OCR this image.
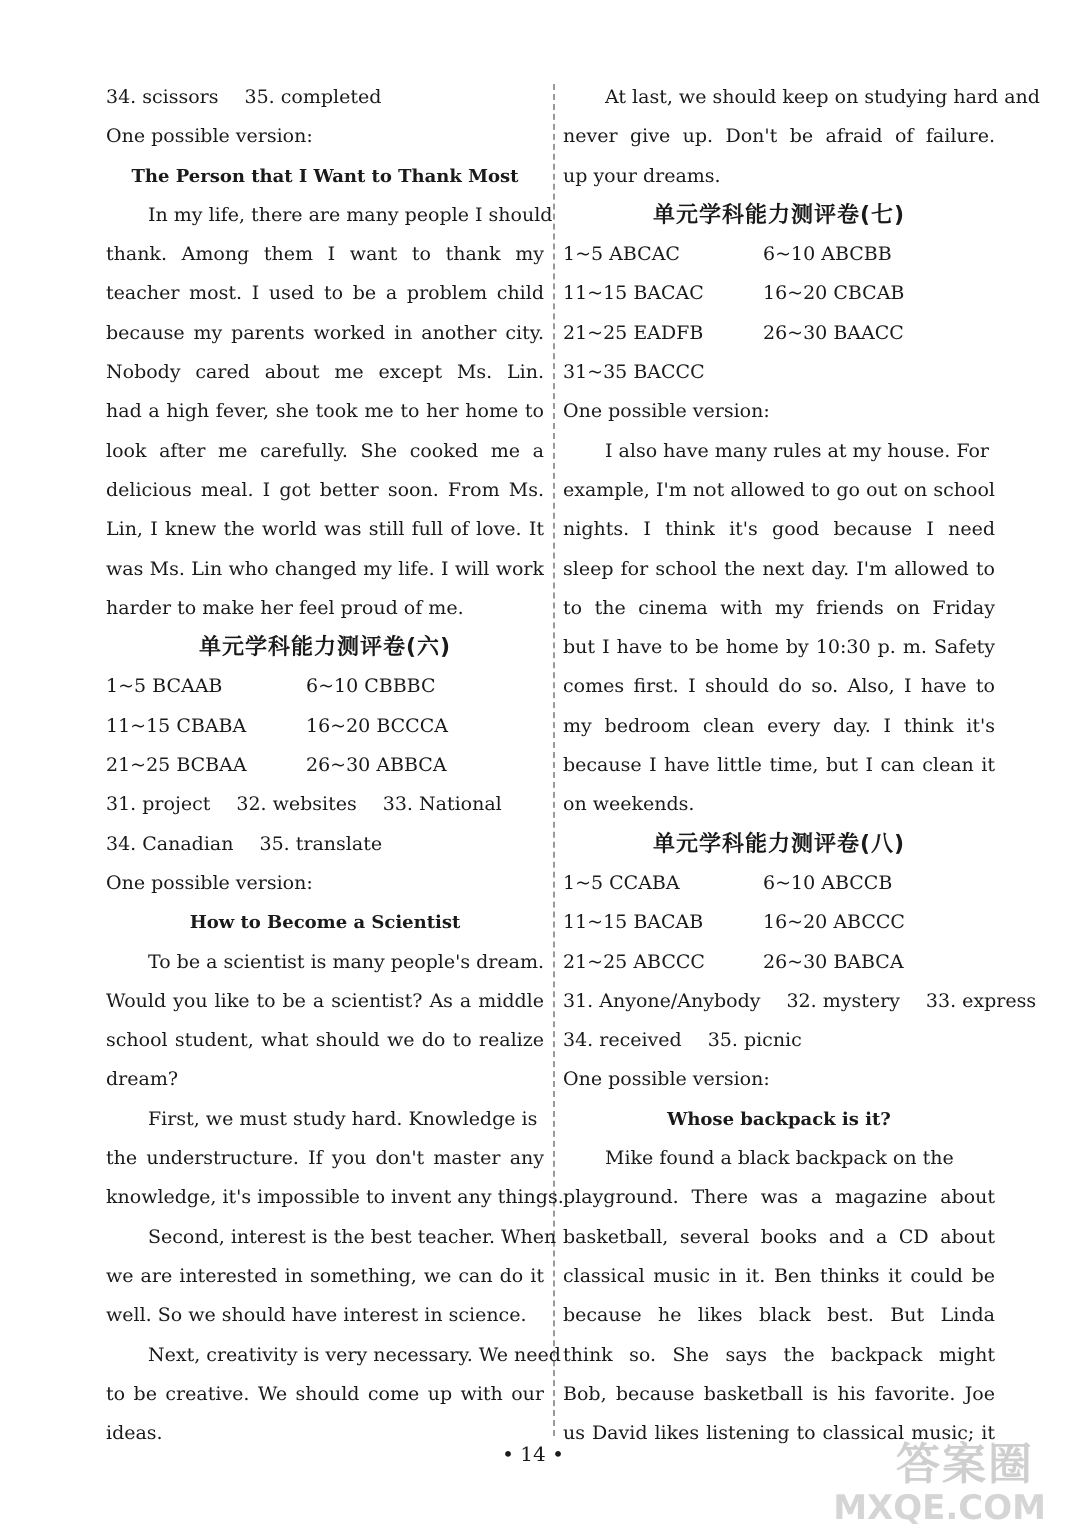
34. scissors 35. completed
One possible version:
The Person that I Want to Thank Most
In my life, there are many people I should
thank. Among them I want to thank my
teacher most. I used to be a problem child
because my parents worked in another city.
Nobody cared about me except Ms. Lin.
had a high fever, she took me to her home to
look after me carefully. She cooked me a
delicious meal. I got better soon. From Ms.
Lin, I knew the world was still full of love. It
was Ms. Lin who changed my life. I will work
harder to make her feel proud of me.
单元学科能力测评卷(六)
1~5 BCAAB	6~10 CBBBC
11~15 CBABA	16~20 BCCCA
21~25 BCBAA	26~30 ABBCA
31. project 32. websites 33. National
34. Canadian 35. translate
One possible version:
How to Become a Scientist
To be a scientist is many people's dream.
Would you like to be a scientist? As a middle
school student, what should we do to realize
dream?
First, we must study hard. Knowledge is
the understructure. If you don't master any
knowledge, it's impossible to invent any things.
Second, interest is the best teacher. When
we are interested in something, we can do it
well. So we should have interest in science.
Next, creativity is very necessary. We need
to be creative. We should come up with our
ideas.
At last, we should keep on studying hard and
never give up. Don't be afraid of failure.
up your dreams.
单元学科能力测评卷(七)
1~5 ABCAC	6~10 ABCBB
11~15 BACAC	16~20 CBCAB
21~25 EADFB	26~30 BAACC
31~35 BACCC
One possible version:
I also have many rules at my house. For
example, I'm not allowed to go out on school
nights. I think it's good because I need
sleep for school the next day. I'm allowed to
to the cinema with my friends on Friday
but I have to be home by 10:30 p. m. Safety
comes first. I should do so. Also, I have to
my bedroom clean every day. I think it's
because I have little time, but I can clean it
on weekends.
单元学科能力测评卷(八)
1~5 CCABA	6~10 ABCCB
11~15 BACAB	16~20 ABCCC
21~25 ABCCC	26~30 BABCA
31. Anyone/Anybody 32. mystery 33. express
34. received 35. picnic
One possible version:
Whose backpack is it?
Mike found a black backpack on the
playground. There was a magazine about
basketball, several books and a CD about
classical music in it. Ben thinks it could be
because he likes black best. But Linda
think so. She says the backpack might
Bob, because basketball is his favorite. Joe
us David likes listening to classical music; it
• 14 •	答案圈
MXQE.COM
